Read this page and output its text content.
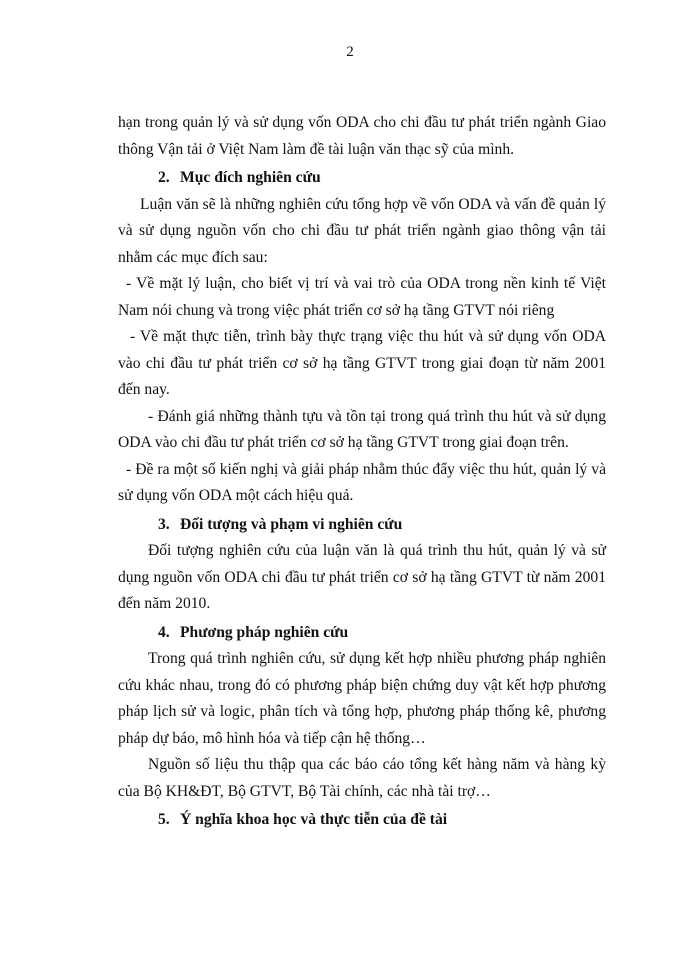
2

hạn trong quản lý và sử dụng vốn ODA cho chi đầu tư phát triển ngành Giao thông Vận tải ở Việt Nam làm đề tài luận văn thạc sỹ của mình.

2. Mục đích nghiên cứu

Luận văn sẽ là những nghiên cứu tổng hợp về vốn ODA và vấn đề quản lý và sử dụng nguồn vốn cho chi đầu tư phát triển ngành giao thông vận tải nhằm các mục đích sau:

- Về mặt lý luận, cho biết vị trí và vai trò của ODA trong nền kinh tế Việt Nam nói chung và trong việc phát triển cơ sở hạ tầng GTVT nói riêng

- Về mặt thực tiễn, trình bày thực trạng việc thu hút và sử dụng vốn ODA vào chi đầu tư phát triển cơ sở hạ tầng GTVT trong giai đoạn từ năm 2001 đến nay.

- Đánh giá những thành tựu và tồn tại trong quá trình thu hút và sử dụng ODA vào chi đầu tư phát triển cơ sở hạ tầng GTVT trong giai đoạn trên.

- Đề ra một số kiến nghị và giải pháp nhằm thúc đẩy việc thu hút, quản lý và sử dụng vốn ODA một cách hiệu quả.

3. Đối tượng và phạm vi nghiên cứu

Đối tượng nghiên cứu của luận văn là quá trình thu hút, quản lý và sử dụng nguồn vốn ODA chi đầu tư phát triển cơ sở hạ tầng GTVT từ năm 2001 đến năm 2010.

4. Phương pháp nghiên cứu

Trong quá trình nghiên cứu, sử dụng kết hợp nhiều phương pháp nghiên cứu khác nhau, trong đó có phương pháp biện chứng duy vật kết hợp phương pháp lịch sử và logic, phân tích và tổng hợp, phương pháp thống kê, phương pháp dự báo, mô hình hóa và tiếp cận hệ thống…

Nguồn số liệu thu thập qua các báo cáo tổng kết hàng năm và hàng kỳ của Bộ KH&ĐT, Bộ GTVT, Bộ Tài chính, các nhà tài trợ…

5. Ý nghĩa khoa học và thực tiễn của đề tài
